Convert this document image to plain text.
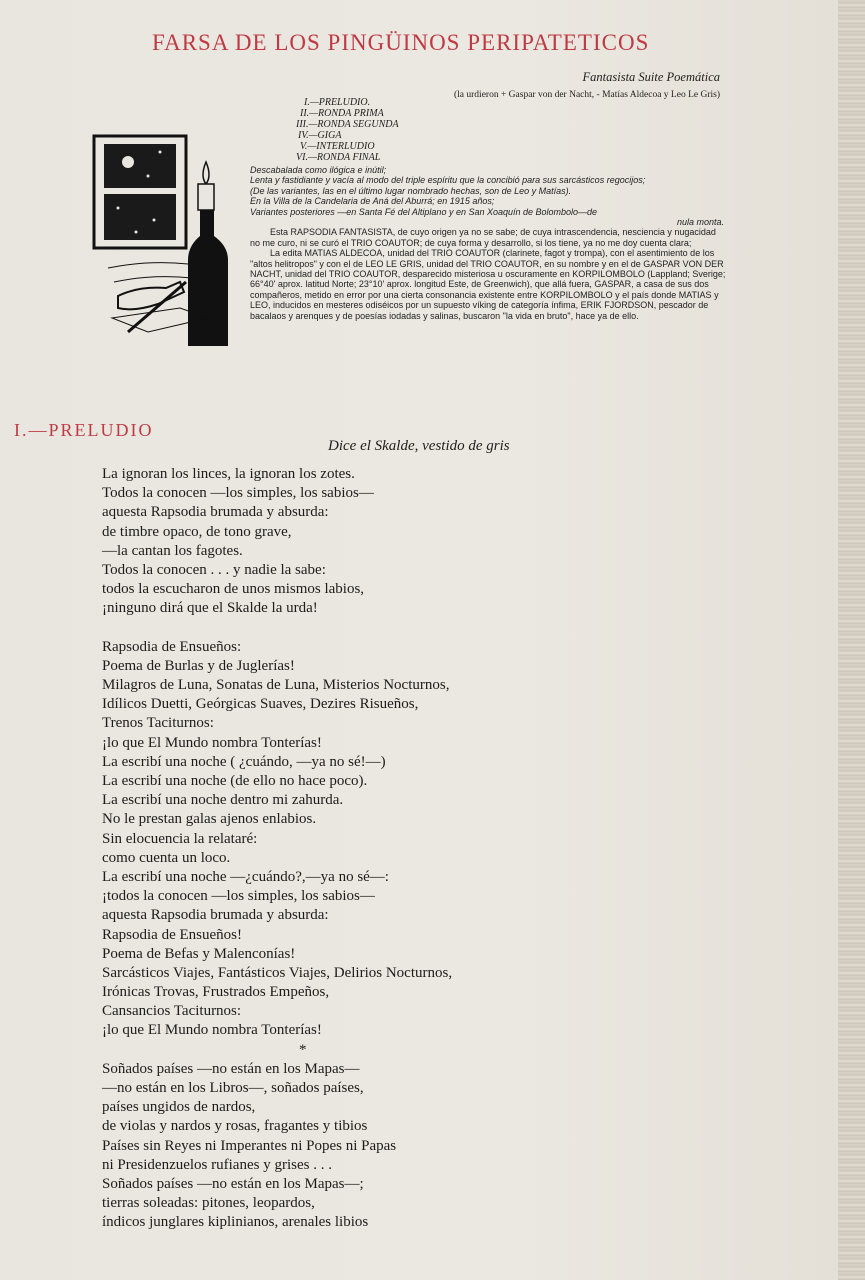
FARSA DE LOS PINGÜINOS PERIPATETICOS
Fantasista Suite Poemática
(la urdieron + Gaspar von der Nacht, - Matías Aldecoa y Leo Le Gris)
I.—PRELUDIO.
II.—RONDA PRIMA
III.—RONDA SEGUNDA
IV.—GIGA
V.—INTERLUDIO
VI.—RONDA FINAL

Descabalada como ilógica e inútil;

Lenta y fastidiante y vacía al modo del triple espíritu que la concibió para sus sarcásticos regocijos;

(De las variantes, las en el último lugar nombrado hechas, son de Leo y Matías).

En la Villa de la Candelaria de Aná del Aburrá; en 1915 años;

Variantes posteriores —en Santa Fé del Altiplano y en San Xoaquín de Bolombolo—de

nula monta.

Esta RAPSODIA FANTASISTA, de cuyo origen ya no se sabe; de cuya intrascendencia, nesciencia y nugacidad no me curo, ni se curó el TRIO COAUTOR; de cuya forma y desarrollo, si los tiene, ya no me doy cuenta clara;

La edita MATIAS ALDECOA, unidad del TRIO COAUTOR (clarinete, fagot y trompa), con el asentimiento de los "altos helitropos" y con el de LEO LE GRIS, unidad del TRIO COAUTOR, en su nombre y en el de GASPAR VON DER NACHT, unidad del TRIO COAUTOR, desparecido misteriosa u oscuramente en KORPILOMBOLO (Lappland; Sverige; 66°40' aprox. latitud Norte; 23°10' aprox. longitud Este, de Greenwich), que allá fuera, GASPAR, a casa de sus dos compañeros, metido en error por una cierta consonancia existente entre KORPILOMBOLO y el país donde MATIAS y LEO, inducidos en mesteres odiséicos por un supuesto víking de categoría ínfima, ERIK FJORDSON, pescador de bacalaos y arenques y de poesías iodadas y salinas, buscaron "la vida en bruto", hace ya de ello.

I.—PRELUDIO
Dice el Skalde, vestido de gris
La ignoran los linces, la ignoran los zotes.
Todos la conocen —los simples, los sabios—
aquesta Rapsodia brumada y absurda:
de timbre opaco, de tono grave,
—la cantan los fagotes.
Todos la conocen . . . y nadie la sabe:
todos la escucharon de unos mismos labios,
¡ninguno dirá que el Skalde la urda!
Rapsodia de Ensueños:
Poema de Burlas y de Juglerías!
Milagros de Luna, Sonatas de Luna, Misterios Nocturnos,
Idílicos Duetti, Geórgicas Suaves, Dezires Risueños,
Trenos Taciturnos:
¡lo que El Mundo nombra Tonterías!
La escribí una noche ( ¿cuándo, —ya no sé!—)
La escribí una noche (de ello no hace poco).
La escribí una noche dentro mi zahurda.
No le prestan galas ajenos enlabios.
Sin elocuencia la relataré:
como cuenta un loco.
La escribí una noche —¿cuándo?,—ya no sé—:
¡todos la conocen —los simples, los sabios—
aquesta Rapsodia brumada y absurda:
Rapsodia de Ensueños!
Poema de Befas y Malenconías!
Sarcásticos Viajes, Fantásticos Viajes, Delirios Nocturnos,
Irónicas Trovas, Frustrados Empeños,
Cansancios Taciturnos:
¡lo que El Mundo nombra Tonterías!
*
Soñados países —no están en los Mapas—
—no están en los Libros—, soñados países,
países ungidos de nardos,
de violas y nardos y rosas, fragantes y tibios
Países sin Reyes ni Imperantes ni Popes ni Papas
ni Presidenzuelos rufianes y grises . . .
Soñados países —no están en los Mapas—;
tierras soleadas: pitones, leopardos,
índicos junglares kiplinianos, arenales libios
